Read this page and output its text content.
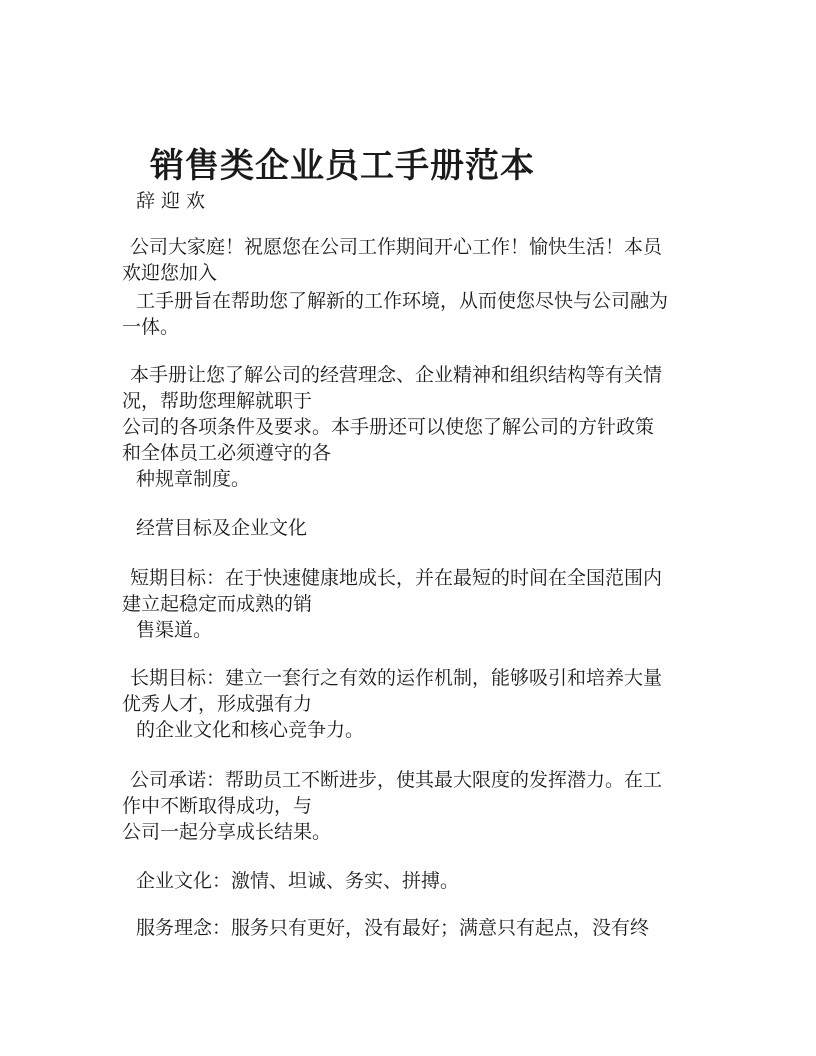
销售类企业员工手册范本
辞迎欢
公司大家庭！祝愿您在公司工作期间开心工作！愉快生活！本员
欢迎您加入
工手册旨在帮助您了解新的工作环境，从而使您尽快与公司融为
一体。
本手册让您了解公司的经营理念、企业精神和组织结构等有关情
况，帮助您理解就职于
公司的各项条件及要求。本手册还可以使您了解公司的方针政策
和全体员工必须遵守的各
种规章制度。
经营目标及企业文化
短期目标：在于快速健康地成长，并在最短的时间在全国范围内
建立起稳定而成熟的销
售渠道。
长期目标：建立一套行之有效的运作机制，能够吸引和培养大量
优秀人才，形成强有力
的企业文化和核心竞争力。
公司承诺：帮助员工不断进步，使其最大限度的发挥潜力。在工
作中不断取得成功，与
公司一起分享成长结果。
企业文化：激情、坦诚、务实、拼搏。
服务理念：服务只有更好，没有最好；满意只有起点，没有终
